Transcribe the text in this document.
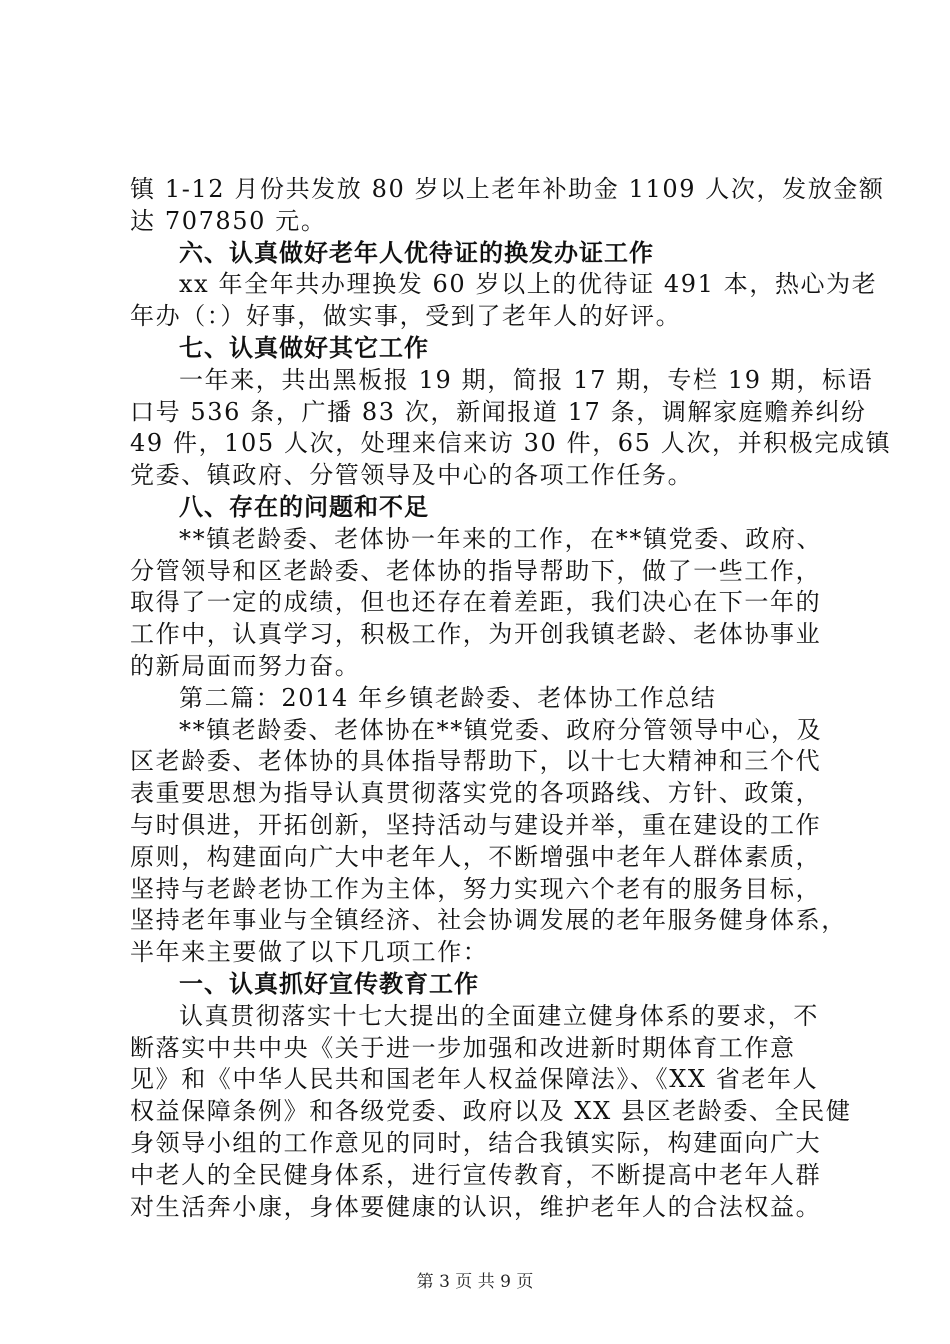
镇 1-12 月份共发放 80 岁以上老年补助金 1109 人次，发放金额
达 707850 元。
六、认真做好老年人优待证的换发办证工作
xx 年全年共办理换发 60 岁以上的优待证 491 本，热心为老
年办（：）好事，做实事，受到了老年人的好评。
七、认真做好其它工作
一年来，共出黑板报 19 期，简报 17 期，专栏 19 期，标语
口号 536 条，广播 83 次，新闻报道 17 条，调解家庭赡养纠纷
49 件，105 人次，处理来信来访 30 件，65 人次，并积极完成镇
党委、镇政府、分管领导及中心的各项工作任务。
八、存在的问题和不足
**镇老龄委、老体协一年来的工作，在**镇党委、政府、
分管领导和区老龄委、老体协的指导帮助下，做了一些工作，
取得了一定的成绩，但也还存在着差距，我们决心在下一年的
工作中，认真学习，积极工作，为开创我镇老龄、老体协事业
的新局面而努力奋。
第二篇：2014 年乡镇老龄委、老体协工作总结
**镇老龄委、老体协在**镇党委、政府分管领导中心，及
区老龄委、老体协的具体指导帮助下，以十七大精神和三个代
表重要思想为指导认真贯彻落实党的各项路线、方针、政策，
与时俱进，开拓创新，坚持活动与建设并举，重在建设的工作
原则，构建面向广大中老年人，不断增强中老年人群体素质，
坚持与老龄老协工作为主体，努力实现六个老有的服务目标，
坚持老年事业与全镇经济、社会协调发展的老年服务健身体系，
半年来主要做了以下几项工作：
一、认真抓好宣传教育工作
认真贯彻落实十七大提出的全面建立健身体系的要求，不
断落实中共中央《关于进一步加强和改进新时期体育工作意
见》和《中华人民共和国老年人权益保障法》、《XX 省老年人
权益保障条例》和各级党委、政府以及 XX 县区老龄委、全民健
身领导小组的工作意见的同时，结合我镇实际，构建面向广大
中老人的全民健身体系，进行宣传教育，不断提高中老年人群
对生活奔小康，身体要健康的认识，维护老年人的合法权益。
第 3 页 共 9 页
